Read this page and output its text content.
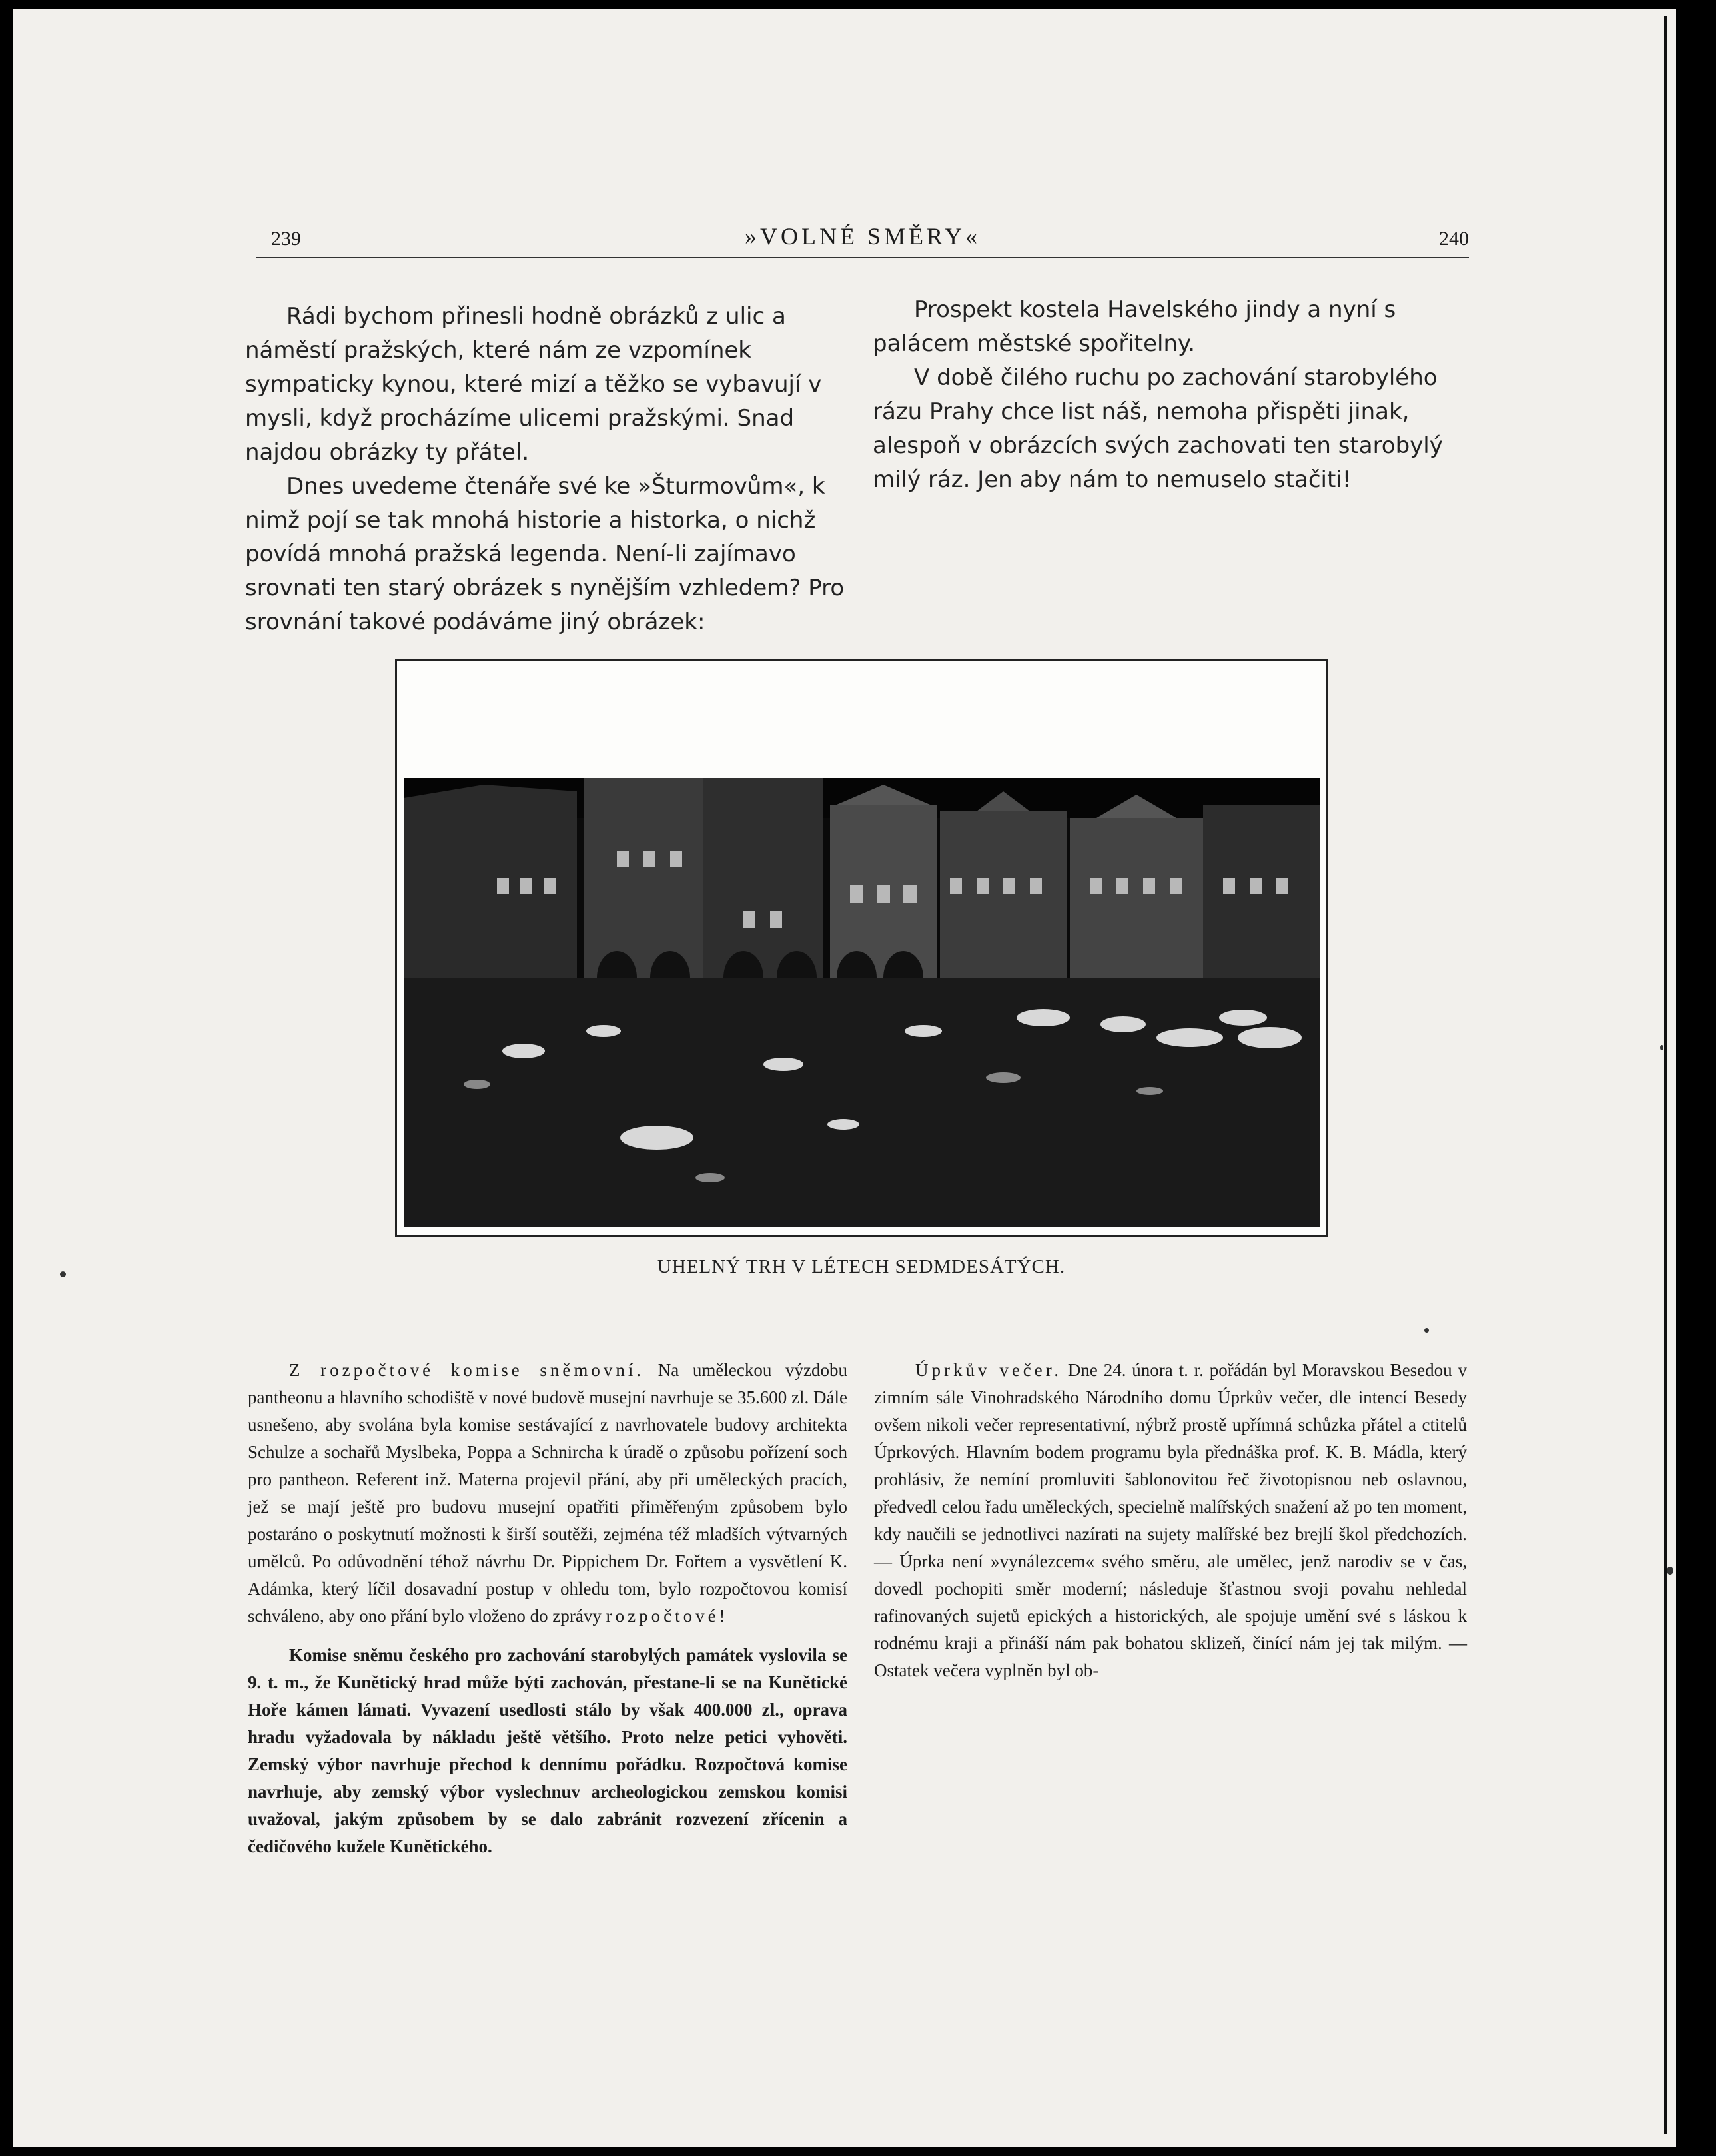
239	»VOLNÉ SMĚRY«	240

Rádi bychom přinesli hodně obrázků z ulic a náměstí pražských, které nám ze vzpomínek sympaticky kynou, které mizí a těžko se vybavují v mysli, když procházíme ulicemi pražskými. Snad najdou obrázky ty přátel.

Dnes uvedeme čtenáře své ke »Šturmovům«, k nimž pojí se tak mnohá historie a historka, o nichž povídá mnohá pražská legenda. Není-li zajímavo srovnati ten starý obrázek s nynějším vzhledem? Pro srovnání takové podáváme jiný obrázek:

Prospekt kostela Havelského jindy a nyní s palácem městské spořitelny.

V době čilého ruchu po zachování starobylého rázu Prahy chce list náš, nemoha přispěti jinak, alespoň v obrázcích svých zachovati ten starobylý milý ráz. Jen aby nám to nemuselo stačiti!

UHELNÝ TRH V LÉTECH SEDMDESÁTÝCH.

Z rozpočtové komise sněmovní. Na uměleckou výzdobu pantheonu a hlavního schodiště v nové budově musejní navrhuje se 35.600 zl. Dále usnešeno, aby svolána byla komise sestávající z navrhovatele budovy architekta Schulze a sochařů Myslbeka, Poppa a Schnircha k úradě o způsobu pořízení soch pro pantheon. Referent inž. Materna projevil přání, aby při uměleckých pracích, jež se mají ještě pro budovu musejní opatřiti přiměřeným způsobem bylo postaráno o poskytnutí možnosti k širší soutěži, zejména též mladších výtvarných umělců. Po odůvodnění téhož návrhu Dr. Pippichem Dr. Fořtem a vysvětlení K. Adámka, který líčil dosavadní postup v ohledu tom, bylo rozpočtovou komisí schváleno, aby ono přání bylo vloženo do zprávy rozpočtové!

Komise sněmu českého pro zachování starobylých památek vyslovila se 9. t. m., že Kunětický hrad může býti zachován, přestane-li se na Kunětické Hoře kámen lámati. Vyvazení usedlosti stálo by však 400.000 zl., oprava hradu vyžadovala by nákladu ještě většího. Proto nelze petici vyhověti. Zemský výbor navrhuje přechod k dennímu pořádku. Rozpočtová komise navrhuje, aby zemský výbor vyslechnuv archeologickou zemskou komisi uvažoval, jakým způsobem by se dalo zabránit rozvezení zřícenin a čedičového kužele Kunětického.

Úprkův večer. Dne 24. února t. r. pořádán byl Moravskou Besedou v zimním sále Vinohradského Národního domu Úprkův večer, dle intencí Besedy ovšem nikoli večer representativní, nýbrž prostě upřímná schůzka přátel a ctitelů Úprkových. Hlavním bodem programu byla přednáška prof. K. B. Mádla, který prohlásiv, že nemíní promluviti šablonovitou řeč životopisnou neb oslavnou, předvedl celou řadu uměleckých, specielně malířských snažení až po ten moment, kdy naučili se jednotlivci nazírati na sujety malířské bez brejlí škol předchozích. — Úprka není »vynálezcem« svého směru, ale umělec, jenž narodiv se v čas, dovedl pochopiti směr moderní; následuje šťastnou svoji povahu nehledal rafinovaných sujetů epických a historických, ale spojuje umění své s láskou k rodnému kraji a přináší nám pak bohatou sklizeň, činící nám jej tak milým. — Ostatek večera vyplněn byl ob-
